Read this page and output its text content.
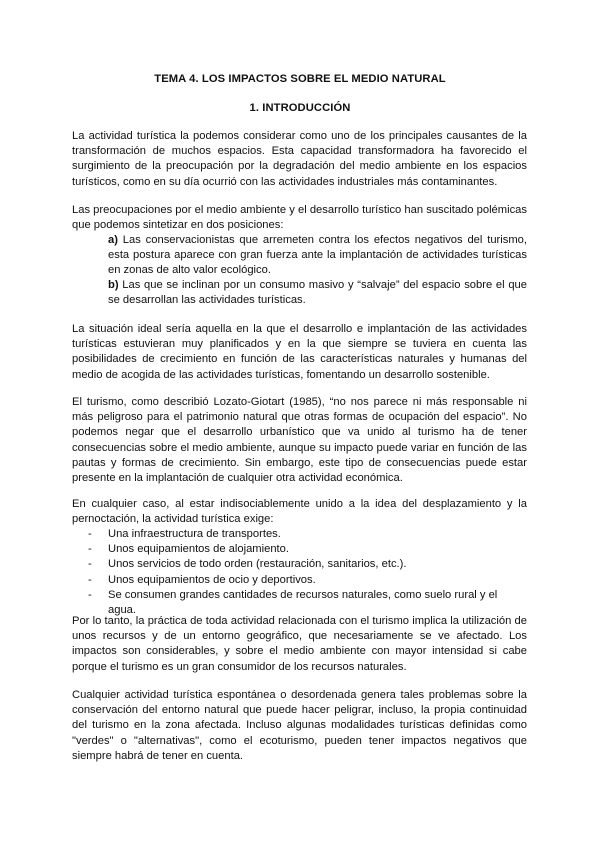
TEMA 4. LOS IMPACTOS SOBRE EL MEDIO NATURAL
1. INTRODUCCIÓN

La actividad turística la podemos considerar como uno de los principales causantes de la transformación de muchos espacios. Esta capacidad transformadora ha favorecido el surgimiento de la preocupación por la degradación del medio ambiente en los espacios turísticos, como en su día ocurrió con las actividades industriales más contaminantes.

Las preocupaciones por el medio ambiente y el desarrollo turístico han suscitado polémicas que podemos sintetizar en dos posiciones:

a) Las conservacionistas que arremeten contra los efectos negativos del turismo, esta postura aparece con gran fuerza ante la implantación de actividades turísticas en zonas de alto valor ecológico.

b) Las que se inclinan por un consumo masivo y “salvaje” del espacio sobre el que se desarrollan las actividades turísticas.

La situación ideal sería aquella en la que el desarrollo e implantación de las actividades turísticas estuvieran muy planificados y en la que siempre se tuviera en cuenta las posibilidades de crecimiento en función de las características naturales y humanas del medio de acogida de las actividades turísticas, fomentando un desarrollo sostenible.

El turismo, como describió Lozato-Giotart (1985), “no nos parece ni más responsable ni más peligroso para el patrimonio natural que otras formas de ocupación del espacio”. No podemos negar que el desarrollo urbanístico que va unido al turismo ha de tener consecuencias sobre el medio ambiente, aunque su impacto puede variar en función de las pautas y formas de crecimiento. Sin embargo, este tipo de consecuencias puede estar presente en la implantación de cualquier otra actividad económica.

En cualquier caso, al estar indisociablemente unido a la idea del desplazamiento y la pernoctación, la actividad turística exige:

- Una infraestructura de transportes.
- Unos equipamientos de alojamiento.
- Unos servicios de todo orden (restauración, sanitarios, etc.).
- Unos equipamientos de ocio y deportivos.
- Se consumen grandes cantidades de recursos naturales, como suelo rural y el agua.

Por lo tanto, la práctica de toda actividad relacionada con el turismo implica la utilización de unos recursos y de un entorno geográfico, que necesariamente se ve afectado. Los impactos son considerables, y sobre el medio ambiente con mayor intensidad si cabe porque el turismo es un gran consumidor de los recursos naturales.

Cualquier actividad turística espontánea o desordenada genera tales problemas sobre la conservación del entorno natural que puede hacer peligrar, incluso, la propia continuidad del turismo en la zona afectada. Incluso algunas modalidades turísticas definidas como "verdes" o "alternativas", como el ecoturismo, pueden tener impactos negativos que siempre habrá de tener en cuenta.
